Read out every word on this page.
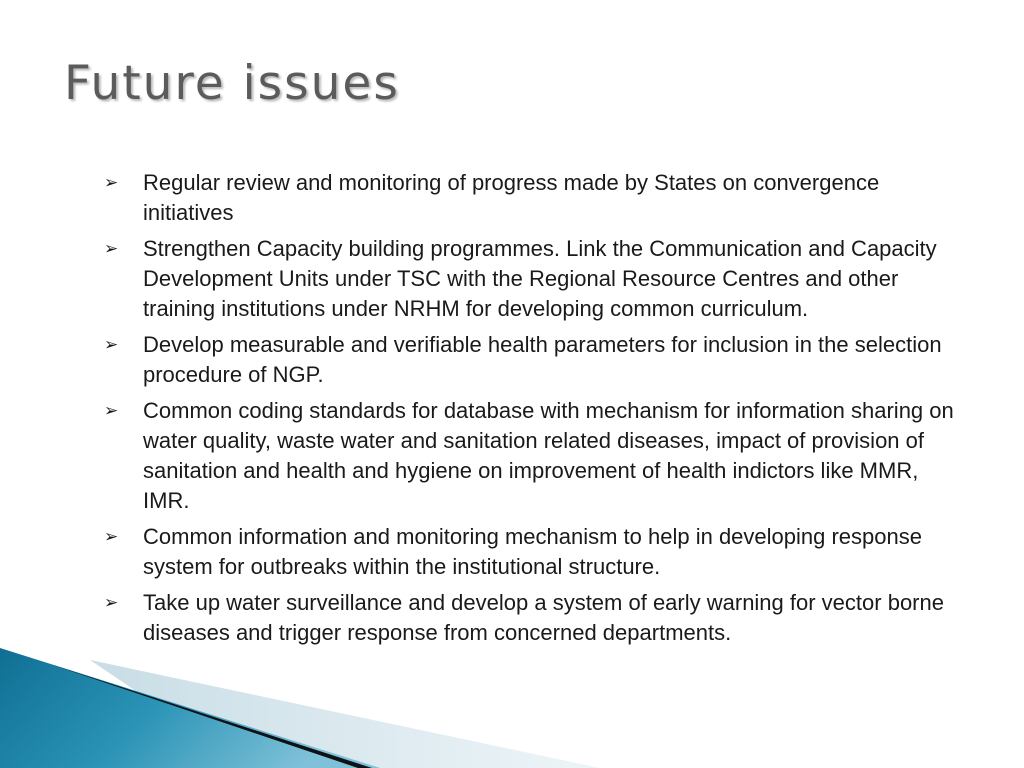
Future issues
➢ Regular review and monitoring of progress made by States on convergence initiatives
➢ Strengthen Capacity building programmes. Link the Communication and Capacity Development Units under TSC with the Regional Resource Centres and other training institutions under NRHM for developing common curriculum.
➢ Develop measurable and verifiable health parameters for inclusion in the selection procedure of NGP.
➢ Common coding standards for database with mechanism for information sharing on water quality, waste water and sanitation related diseases, impact of provision of sanitation and health and hygiene on improvement of health indictors like MMR, IMR.
➢ Common information and monitoring mechanism to help in developing response system for outbreaks within the institutional structure.
➢ Take up water surveillance and develop a system of early warning for vector borne diseases and trigger response from concerned departments.
